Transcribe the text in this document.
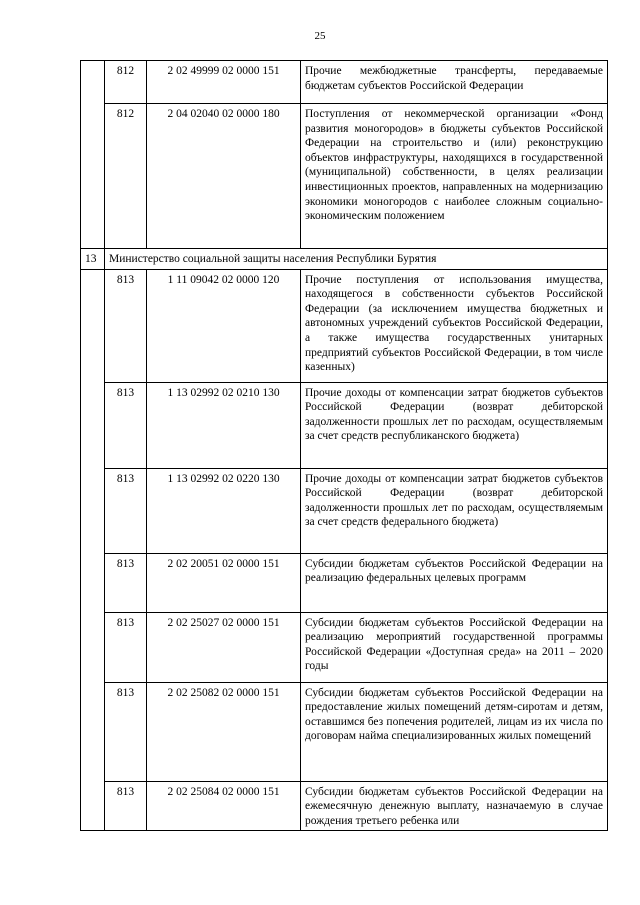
25
	812	2 02 49999 02 0000 151	Прочие межбюджетные трансферты, передаваемые бюджетам субъектов Российской Федерации
	812	2 04 02040 02 0000 180	Поступления от некоммерческой организации «Фонд развития моногородов» в бюджеты субъектов Российской Федерации на строительство и (или) реконструкцию объектов инфраструктуры, находящихся в государственной (муниципальной) собственности, в целях реализации инвестиционных проектов, направленных на модернизацию экономики моногородов с наиболее сложным социально-экономическим положением
13	Министерство социальной защиты населения Республики Бурятия		
	813	1 11 09042 02 0000 120	Прочие поступления от использования имущества, находящегося в собственности субъектов Российской Федерации (за исключением имущества бюджетных и автономных учреждений субъектов Российской Федерации, а также имущества государственных унитарных предприятий субъектов Российской Федерации, в том числе казенных)
	813	1 13 02992 02 0210 130	Прочие доходы от компенсации затрат бюджетов субъектов Российской Федерации (возврат дебиторской задолженности прошлых лет по расходам, осуществляемым за счет средств республиканского бюджета)
	813	1 13 02992 02 0220 130	Прочие доходы от компенсации затрат бюджетов субъектов Российской Федерации (возврат дебиторской задолженности прошлых лет по расходам, осуществляемым за счет средств федерального бюджета)
	813	2 02 20051 02 0000 151	Субсидии бюджетам субъектов Российской Федерации на реализацию федеральных целевых программ
	813	2 02 25027 02 0000 151	Субсидии бюджетам субъектов Российской Федерации на реализацию мероприятий государственной программы Российской Федерации «Доступная среда» на 2011 – 2020 годы
	813	2 02 25082 02 0000 151	Субсидии бюджетам субъектов Российской Федерации на предоставление жилых помещений детям-сиротам и детям, оставшимся без попечения родителей, лицам из их числа по договорам найма специализированных жилых помещений
	813	2 02 25084 02 0000 151	Субсидии бюджетам субъектов Российской Федерации на ежемесячную денежную выплату, назначаемую в случае рождения третьего ребенка или
